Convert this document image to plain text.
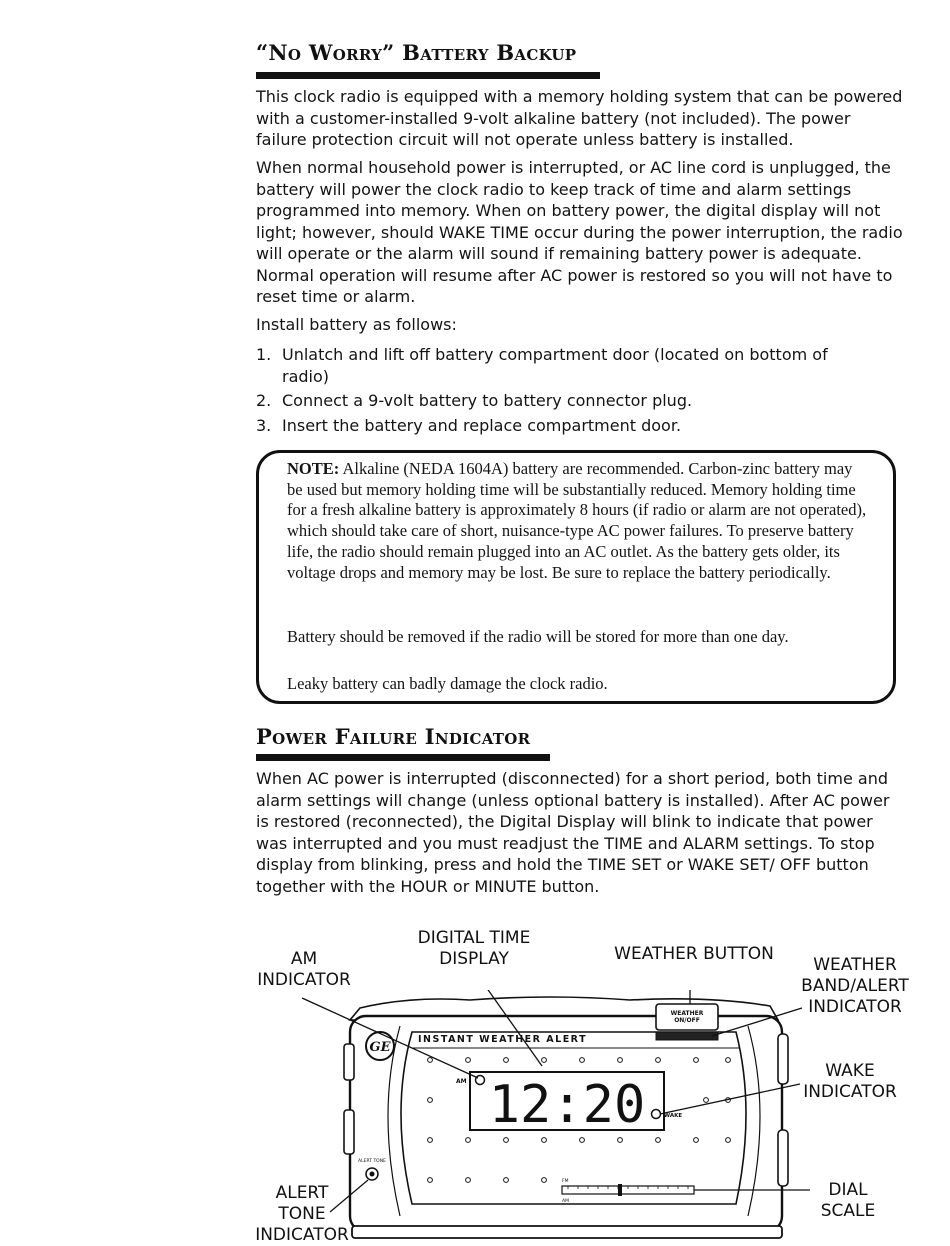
“No Worry” Battery Backup

This clock radio is equipped with a memory holding system that can be powered with a customer-installed 9-volt alkaline battery (not included). The power failure protection circuit will not operate unless battery is installed.

When normal household power is interrupted, or AC line cord is unplugged, the battery will power the clock radio to keep track of time and alarm settings programmed into memory. When on battery power, the digital display will not light; however, should WAKE TIME occur during the power interruption, the radio will operate or the alarm will sound if remaining battery power is adequate. Normal operation will resume after AC power is restored so you will not have to reset time or alarm.

Install battery as follows:

1. Unlatch and lift off battery compartment door (located on bottom of radio)
2. Connect a 9-volt battery to battery connector plug.
3. Insert the battery and replace compartment door.
NOTE: Alkaline (NEDA 1604A) battery are recommended. Carbon-zinc battery may be used but memory holding time will be substantially reduced. Memory holding time for a fresh alkaline battery is approximately 8 hours (if radio or alarm are not operated), which should take care of short, nuisance-type AC power failures. To preserve battery life, the radio should remain plugged into an AC outlet. As the battery gets older, its voltage drops and memory may be lost. Be sure to replace the battery periodically.
Battery should be removed if the radio will be stored for more than one day.
Leaky battery can badly damage the clock radio.
Power Failure Indicator

When AC power is interrupted (disconnected) for a short period, both time and alarm settings will change (unless optional battery is installed). After AC power is restored (reconnected), the Digital Display will blink to indicate that power was interrupted and you must readjust the TIME and ALARM settings. To stop display from blinking, press and hold the TIME SET or WAKE SET/ OFF button together with the HOUR or MINUTE button.

AM
INDICATOR
DIGITAL TIME
DISPLAY	WEATHER BUTTON
WEATHER
BAND/ALERT
INDICATOR
WAKE
INDICATOR
ALERT
TONE
INDICATOR
DIAL
SCALE
GE
INSTANT WEATHER ALERT
WEATHER
ON/OFF
12:20
AM
WAKE
ALERT TONE
FM
AM
